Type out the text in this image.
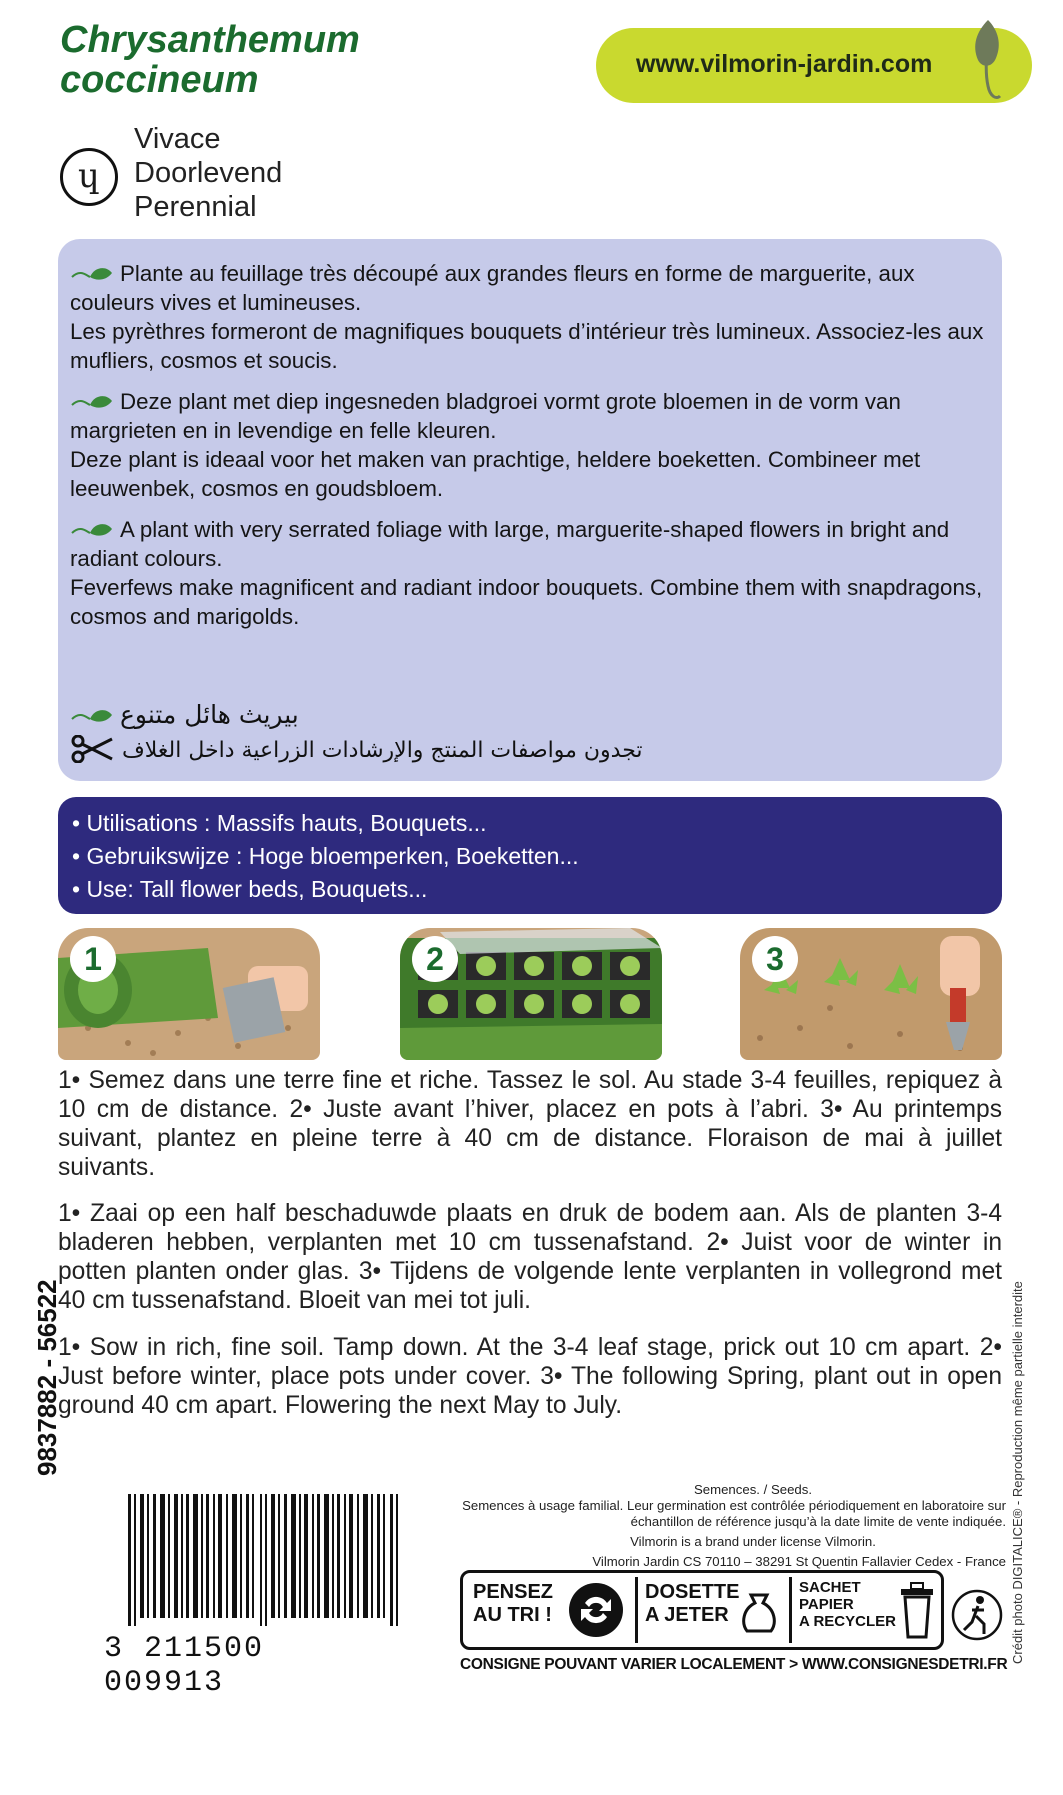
Chrysanthemum
coccineum	www.vilmorin-jardin.com
ɥ
Vivace
Doorlevend
Perennial
Plante au feuillage très découpé aux grandes fleurs en forme de marguerite, aux couleurs vives et lumineuses.
Les pyrèthres formeront de magnifiques bouquets d’intérieur très lumineux. Associez-les aux mufliers, cosmos et soucis.
Deze plant met diep ingesneden bladgroei vormt grote bloemen in de vorm van margrieten en in levendige en felle kleuren.
Deze plant is ideaal voor het maken van prachtige, heldere boeketten. Combineer met leeuwenbek, cosmos en goudsbloem.
A plant with very serrated foliage with large, marguerite-shaped flowers in bright and radiant colours.
Feverfews make magnificent and radiant indoor bouquets. Combine them with snapdragons, cosmos and marigolds.
بيريث هائل متنوع
تجدون مواصفات المنتج والإرشادات الزراعية داخل الغلاف
• Utilisations : Massifs hauts, Bouquets...
• Gebruikswijze : Hoge bloemperken, Boeketten...
• Use: Tall flower beds, Bouquets...
1	2	3
1• Semez dans une terre fine et riche. Tassez le sol. Au stade 3-4 feuilles, repiquez à 10 cm de distance. 2• Juste avant l’hiver, placez en pots à l’abri. 3• Au printemps suivant, plantez en pleine terre à 40 cm de distance. Floraison de mai à juillet suivants.
1• Zaai op een half beschaduwde plaats en druk de bodem aan. Als de planten 3-4 bladeren hebben, verplanten met 10 cm tussenafstand. 2• Juist voor de winter in potten planten onder glas. 3• Tijdens de volgende lente verplanten in vollegrond met 40 cm tussenafstand. Bloeit van mei tot juli.
1• Sow in rich, fine soil. Tamp down. At the 3-4 leaf stage, prick out 10 cm apart. 2• Just before winter, place pots under cover. 3• The following Spring, plant out in open ground 40 cm apart. Flowering the next May to July.
9837882 - 56522
3 211500 009913
Semences. / Seeds.
Semences à usage familial. Leur germination est contrôlée périodiquement en laboratoire sur échantillon de référence jusqu’à la date limite de vente indiquée.
Vilmorin is a brand under license Vilmorin.
Vilmorin Jardin CS 70110 – 38291 St Quentin Fallavier Cedex - France
PENSEZ
AU TRI !
DOSETTE
A JETER
SACHET
PAPIER
A RECYCLER
CONSIGNE POUVANT VARIER LOCALEMENT > WWW.CONSIGNESDETRI.FR
Crédit photo DIGITALICE® - Reproduction même partielle interdite
